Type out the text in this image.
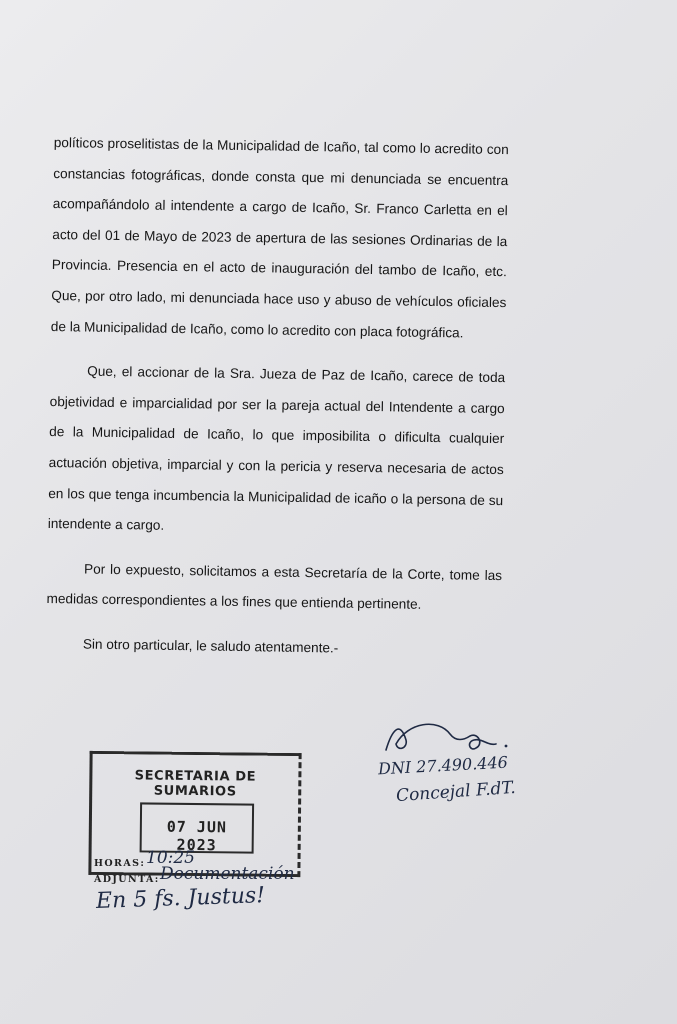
políticos proselitistas de la Municipalidad de Icaño, tal como lo acredito con constancias fotográficas, donde consta que mi denunciada se encuentra acompañándolo al intendente a cargo de Icaño, Sr. Franco Carletta en el acto del 01 de Mayo de 2023 de apertura de las sesiones Ordinarias de la Provincia. Presencia en el acto de inauguración del tambo de Icaño, etc. Que, por otro lado, mi denunciada hace uso y abuso de vehículos oficiales de la Municipalidad de Icaño, como lo acredito con placa fotográfica.

Que, el accionar de la Sra. Jueza de Paz de Icaño, carece de toda objetividad e imparcialidad por ser la pareja actual del Intendente a cargo de la Municipalidad de Icaño, lo que imposibilita o dificulta cualquier actuación objetiva, imparcial y con la pericia y reserva necesaria de actos en los que tenga incumbencia la Municipalidad de icaño o la persona de su intendente a cargo.

Por lo expuesto, solicitamos a esta Secretaría de la Corte, tome las medidas correspondientes a los fines que entienda pertinente.

Sin otro particular, le saludo atentamente.-

SECRETARIA DE SUMARIOS
07 JUN 2023
HORAS: 10:25
ADJUNTA: Documentación
En 5 fs. Justus!
DNI 27.490.446
Concejal F.dT.
